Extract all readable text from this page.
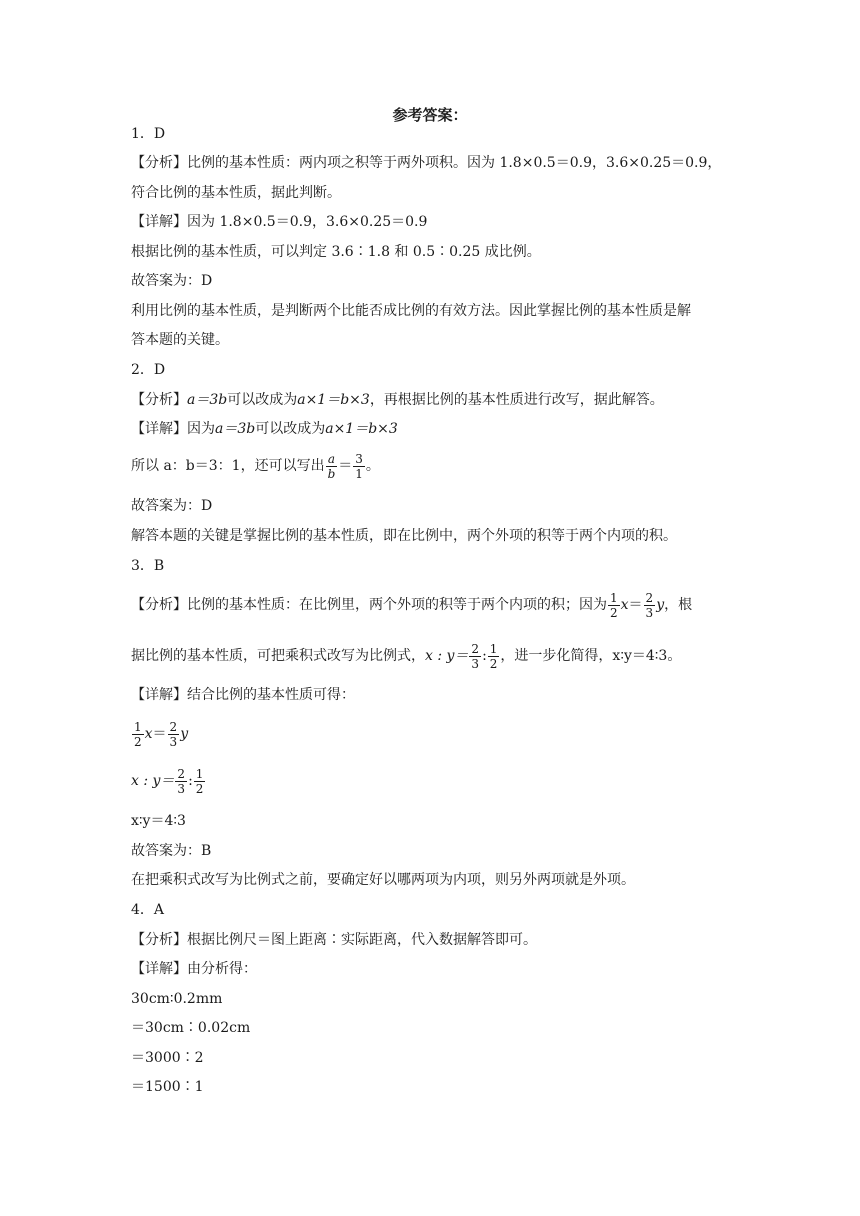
参考答案：
1．D
【分析】比例的基本性质：两内项之积等于两外项积。因为 1.8×0.5＝0.9，3.6×0.25＝0.9，
符合比例的基本性质，据此判断。
【详解】因为 1.8×0.5＝0.9，3.6×0.25＝0.9
根据比例的基本性质，可以判定 3.6∶1.8 和 0.5∶0.25 成比例。
故答案为：D
利用比例的基本性质，是判断两个比能否成比例的有效方法。因此掌握比例的基本性质是解
答本题的关键。
2．D
【分析】a＝3b可以改成为a×1＝b×3，再根据比例的基本性质进行改写，据此解答。
【详解】因为a＝3b可以改成为a×1＝b×3
所以 a：b＝3：1，还可以写出 $\frac{a}{b} = \frac{3}{1}$ 。
故答案为：D
解答本题的关键是掌握比例的基本性质，即在比例中，两个外项的积等于两个内项的积。
3．B
【分析】比例的基本性质：在比例里，两个外项的积等于两个内项的积；因为 $\frac{1}{2} x= \frac{2}{3}$ y，根
据比例的基本性质，可把乘积式改写为比例式，x : $y= \frac{2}{3}$ : $\frac{1}{2}$ ，进一步化简得，x∶y＝4∶3。
【详解】结合比例的基本性质可得：
$\frac{1}{2} x= \frac{2}{3}$ y
x : $y= \frac{2}{3}$ : $\frac{1}{2}$
x∶y＝4∶3
故答案为：B
在把乘积式改写为比例式之前，要确定好以哪两项为内项，则另外两项就是外项。
4．A
【分析】根据比例尺＝图上距离∶实际距离，代入数据解答即可。
【详解】由分析得：
30cm∶0.2mm
＝30cm∶0.02cm
＝3000∶2
＝1500∶1
